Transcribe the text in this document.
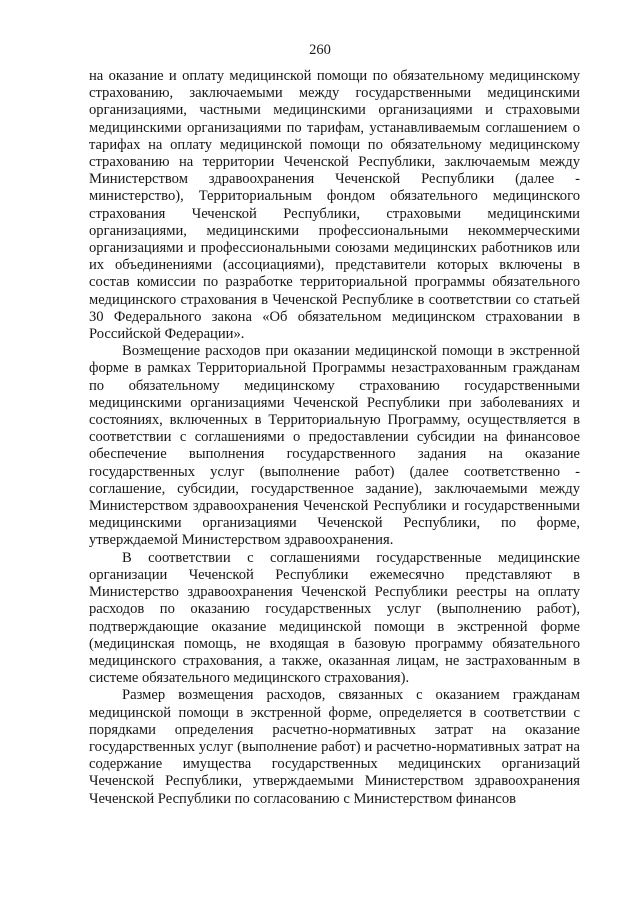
260

на оказание и оплату медицинской помощи по обязательному медицинскому страхованию, заключаемыми между государственными медицинскими организациями, частными медицинскими организациями и страховыми медицинскими организациями по тарифам, устанавливаемым соглашением о тарифах на оплату медицинской помощи по обязательному медицинскому страхованию на территории Чеченской Республики, заключаемым между Министерством здравоохранения Чеченской Республики (далее - министерство), Территориальным фондом обязательного медицинского страхования Чеченской Республики, страховыми медицинскими организациями, медицинскими профессиональными некоммерческими организациями и профессиональными союзами медицинских работников или их объединениями (ассоциациями), представители которых включены в состав комиссии по разработке территориальной программы обязательного медицинского страхования в Чеченской Республике в соответствии со статьей 30 Федерального закона «Об обязательном медицинском страховании в Российской Федерации».

Возмещение расходов при оказании медицинской помощи в экстренной форме в рамках Территориальной Программы незастрахованным гражданам по обязательному медицинскому страхованию государственными медицинскими организациями Чеченской Республики при заболеваниях и состояниях, включенных в Территориальную Программу, осуществляется в соответствии с соглашениями о предоставлении субсидии на финансовое обеспечение выполнения государственного задания на оказание государственных услуг (выполнение работ) (далее соответственно - соглашение, субсидии, государственное задание), заключаемыми между Министерством здравоохранения Чеченской Республики и государственными медицинскими организациями Чеченской Республики, по форме, утверждаемой Министерством здравоохранения.

В соответствии с соглашениями государственные медицинские организации Чеченской Республики ежемесячно представляют в Министерство здравоохранения Чеченской Республики реестры на оплату расходов по оказанию государственных услуг (выполнению работ), подтверждающие оказание медицинской помощи в экстренной форме (медицинская помощь, не входящая в базовую программу обязательного медицинского страхования, а также, оказанная лицам, не застрахованным в системе обязательного медицинского страхования).

Размер возмещения расходов, связанных с оказанием гражданам медицинской помощи в экстренной форме, определяется в соответствии с порядками определения расчетно-нормативных затрат на оказание государственных услуг (выполнение работ) и расчетно-нормативных затрат на содержание имущества государственных медицинских организаций Чеченской Республики, утверждаемыми Министерством здравоохранения Чеченской Республики по согласованию с Министерством финансов
